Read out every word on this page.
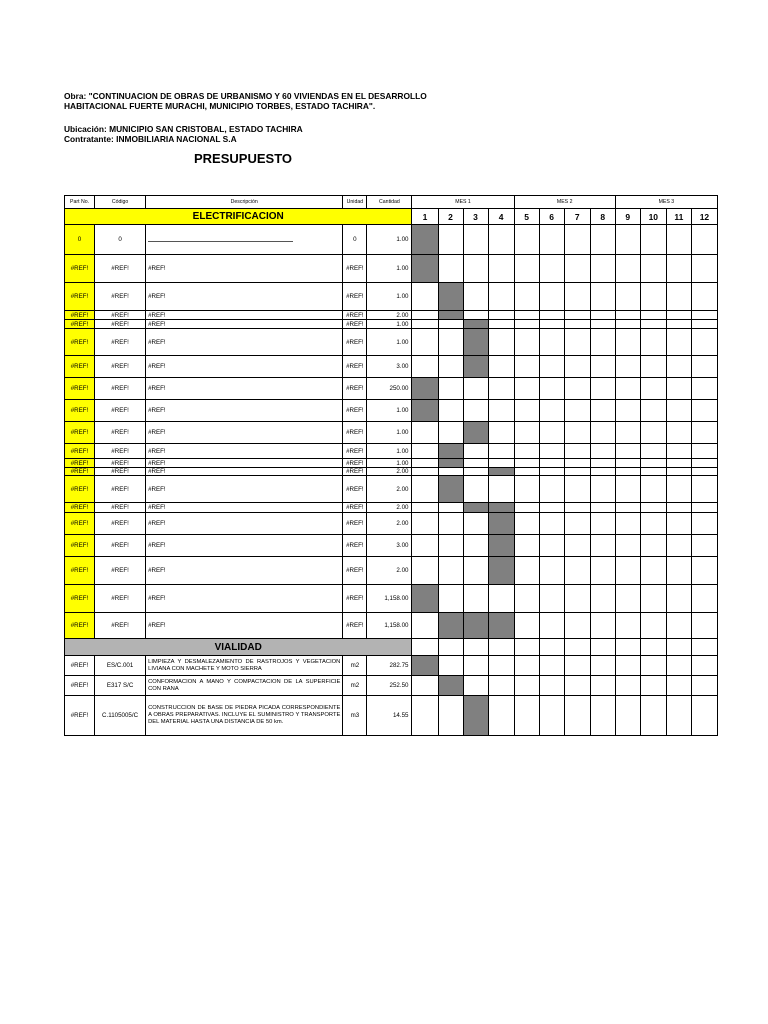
Obra: "CONTINUACION DE OBRAS DE URBANISMO Y 60 VIVIENDAS EN EL DESARROLLO
HABITACIONAL FUERTE MURACHI, MUNICIPIO TORBES, ESTADO TACHIRA".
Ubicación: MUNICIPIO SAN CRISTOBAL, ESTADO TACHIRA
Contratante: INMOBILIARIA NACIONAL S.A
PRESUPUESTO
Part No.	Código	Descripción	Unidad	Cantidad	MES 1				MES 2				MES 3			
ELECTRIFICACION					1	2	3	4	5	6	7	8	9	10	11	12
0	0		0	1.00												
#REF!	#REF!	#REF!	#REF!	1.00												
#REF!	#REF!	#REF!	#REF!	1.00												
#REF!	#REF!	#REF!	#REF!	2.00												
#REF!	#REF!	#REF!	#REF!	1.00												
#REF!	#REF!	#REF!	#REF!	1.00												
#REF!	#REF!	#REF!	#REF!	3.00												
#REF!	#REF!	#REF!	#REF!	250.00												
#REF!	#REF!	#REF!	#REF!	1.00												
#REF!	#REF!	#REF!	#REF!	1.00												
#REF!	#REF!	#REF!	#REF!	1.00												
#REF!	#REF!	#REF!	#REF!	1.00												
#REF!	#REF!	#REF!	#REF!	2.00												
#REF!	#REF!	#REF!	#REF!	2.00												
#REF!	#REF!	#REF!	#REF!	2.00												
#REF!	#REF!	#REF!	#REF!	2.00												
#REF!	#REF!	#REF!	#REF!	3.00												
#REF!	#REF!	#REF!	#REF!	2.00												
#REF!	#REF!	#REF!	#REF!	1,158.00												
#REF!	#REF!	#REF!	#REF!	1,158.00												
VIALIDAD																
#REF!	ES/C.001	LIMPIEZA Y DESMALEZAMIENTO DE RASTROJOS Y VEGETACION LIVIANA CON MACHETE Y MOTO SIERRA	m2	282.75												
#REF!	E317 S/C	CONFORMACION A MANO Y COMPACTACION DE LA SUPERFICIE CON RANA	m2	252.50												
#REF!	C.1105005/C	CONSTRUCCION DE BASE DE PIEDRA PICADA CORRESPONDIENTE A OBRAS PREPARATIVAS. INCLUYE EL SUMINISTRO Y TRANSPORTE DEL MATERIAL HASTA UNA DISTANCIA DE 50 km.	m3	14.55												
